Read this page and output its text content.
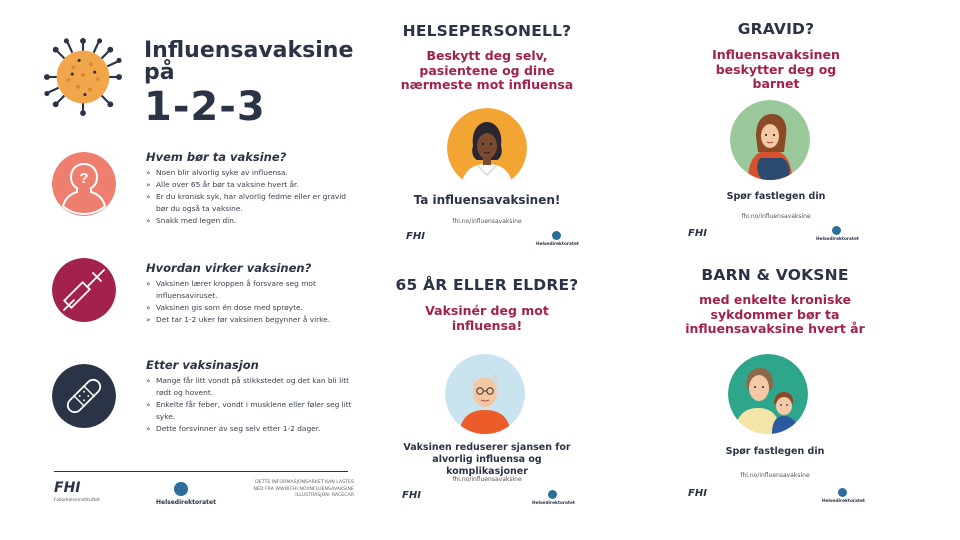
Influensavaksine på
1-2-3
?
Hvem bør ta vaksine?
» Noen blir alvorlig syke av influensa.
» Alle over 65 år bør ta vaksine hvert år.
» Er du kronisk syk, har alvorlig fedme eller er gravid bør du også ta vaksine.
» Snakk med legen din.
Hvordan virker vaksinen?
» Vaksinen lærer kroppen å forsvare seg mot influensaviruset.
» Vaksinen gis som én dose med sprøyte.
» Det tar 1-2 uker før vaksinen begynner å virke.
Etter vaksinasjon
» Mange får litt vondt på stikkstedet og det kan bli litt rødt og hovent.
» Enkelte får feber, vondt i musklene eller føler seg litt syke.
» Dette forsvinner av seg selv etter 1-2 dager.
FHI
Folkehelseinstituttet	Helsedirektoratet
DETTE INFORMASJONSARKET KAN LASTES
NED FRA WWW.FHI.NO/INFLUENSAVAKSINE
ILLUSTRASJON: RACECAR
HELSEPERSONELL?
Beskytt deg selv, pasientene og dine nærmeste mot influensa
Ta influensavaksinen!
fhi.no/influensavaksine
FHI
Helsedirektoratet
GRAVID?
Influensavaksinen beskytter deg og barnet
Spør fastlegen din
fhi.no/influensavaksine
FHI
Helsedirektoratet
65 ÅR ELLER ELDRE?
Vaksinér deg mot influensa!
Vaksinen reduserer sjansen for alvorlig influensa og komplikasjoner
fhi.no/influensavaksine
FHI
Helsedirektoratet
BARN & VOKSNE
med enkelte kroniske sykdommer bør ta influensavaksine hvert år
Spør fastlegen din
fhi.no/influensavaksine
FHI
Helsedirektoratet
